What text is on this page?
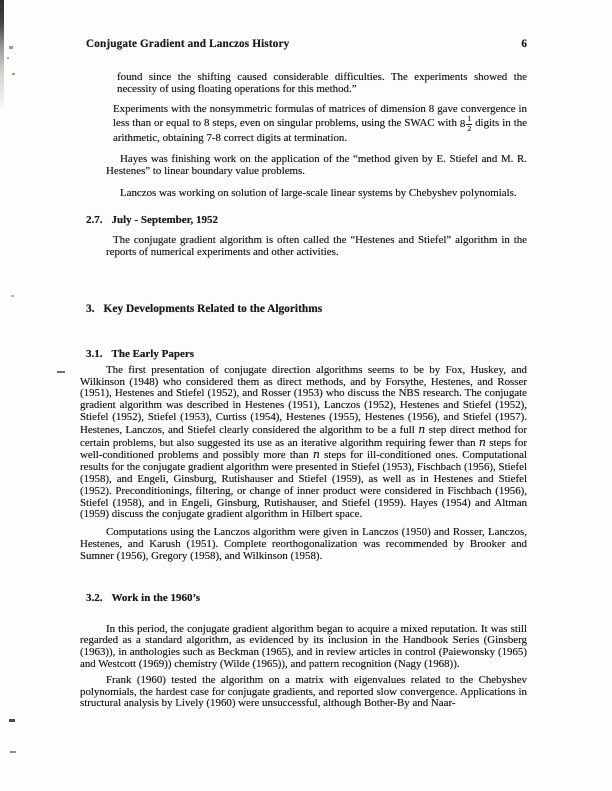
Conjugate Gradient and Lanczos History	6

found since the shifting caused considerable difficulties. The experiments showed the necessity of using floating operations for this method.”

Experiments with the nonsymmetric formulas of matrices of dimension 8 gave convergence in less than or equal to 8 steps, even on singular problems, using the SWAC with $8 \frac{1}{2}$ digits in the arithmetic, obtaining 7-8 correct digits at termination.

Hayes was finishing work on the application of the “method given by E. Stiefel and M. R. Hestenes” to linear boundary value problems.

Lanczos was working on solution of large-scale linear systems by Chebyshev polynomials.

2.7. July - September, 1952

The conjugate gradient algorithm is often called the “Hestenes and Stiefel” algorithm in the reports of numerical experiments and other activities.

3. Key Developments Related to the Algorithms
3.1. The Early Papers

The first presentation of conjugate direction algorithms seems to be by Fox, Huskey, and Wilkinson (1948) who considered them as direct methods, and by Forsythe, Hestenes, and Rosser (1951), Hestenes and Stiefel (1952), and Rosser (1953) who discuss the NBS research. The conjugate gradient algorithm was described in Hestenes (1951), Lanczos (1952), Hestenes and Stiefel (1952), Stiefel (1952), Stiefel (1953), Curtiss (1954), Hestenes (1955), Hestenes (1956), and Stiefel (1957). Hestenes, Lanczos, and Stiefel clearly considered the algorithm to be a full n step direct method for certain problems, but also suggested its use as an iterative algorithm requiring fewer than n steps for well-conditioned problems and possibly more than n steps for ill-conditioned ones. Computational results for the conjugate gradient algorithm were presented in Stiefel (1953), Fischbach (1956), Stiefel (1958), and Engeli, Ginsburg, Rutishauser and Stiefel (1959), as well as in Hestenes and Stiefel (1952). Preconditionings, filtering, or change of inner product were considered in Fischbach (1956), Stiefel (1958), and in Engeli, Ginsburg, Rutishauser, and Stiefel (1959). Hayes (1954) and Altman (1959) discuss the conjugate gradient algorithm in Hilbert space.

Computations using the Lanczos algorithm were given in Lanczos (1950) and Rosser, Lanczos, Hestenes, and Karush (1951). Complete reorthogonalization was recommended by Brooker and Sumner (1956), Gregory (1958), and Wilkinson (1958).

3.2. Work in the 1960’s

In this period, the conjugate gradient algorithm began to acquire a mixed reputation. It was still regarded as a standard algorithm, as evidenced by its inclusion in the Handbook Series (Ginsberg (1963)), in anthologies such as Beckman (1965), and in review articles in control (Paiewonsky (1965) and Westcott (1969)) chemistry (Wilde (1965)), and pattern recognition (Nagy (1968)).

Frank (1960) tested the algorithm on a matrix with eigenvalues related to the Chebyshev polynomials, the hardest case for conjugate gradients, and reported slow convergence. Applications in structural analysis by Lively (1960) were unsuccessful, although Bother-By and Naar-
